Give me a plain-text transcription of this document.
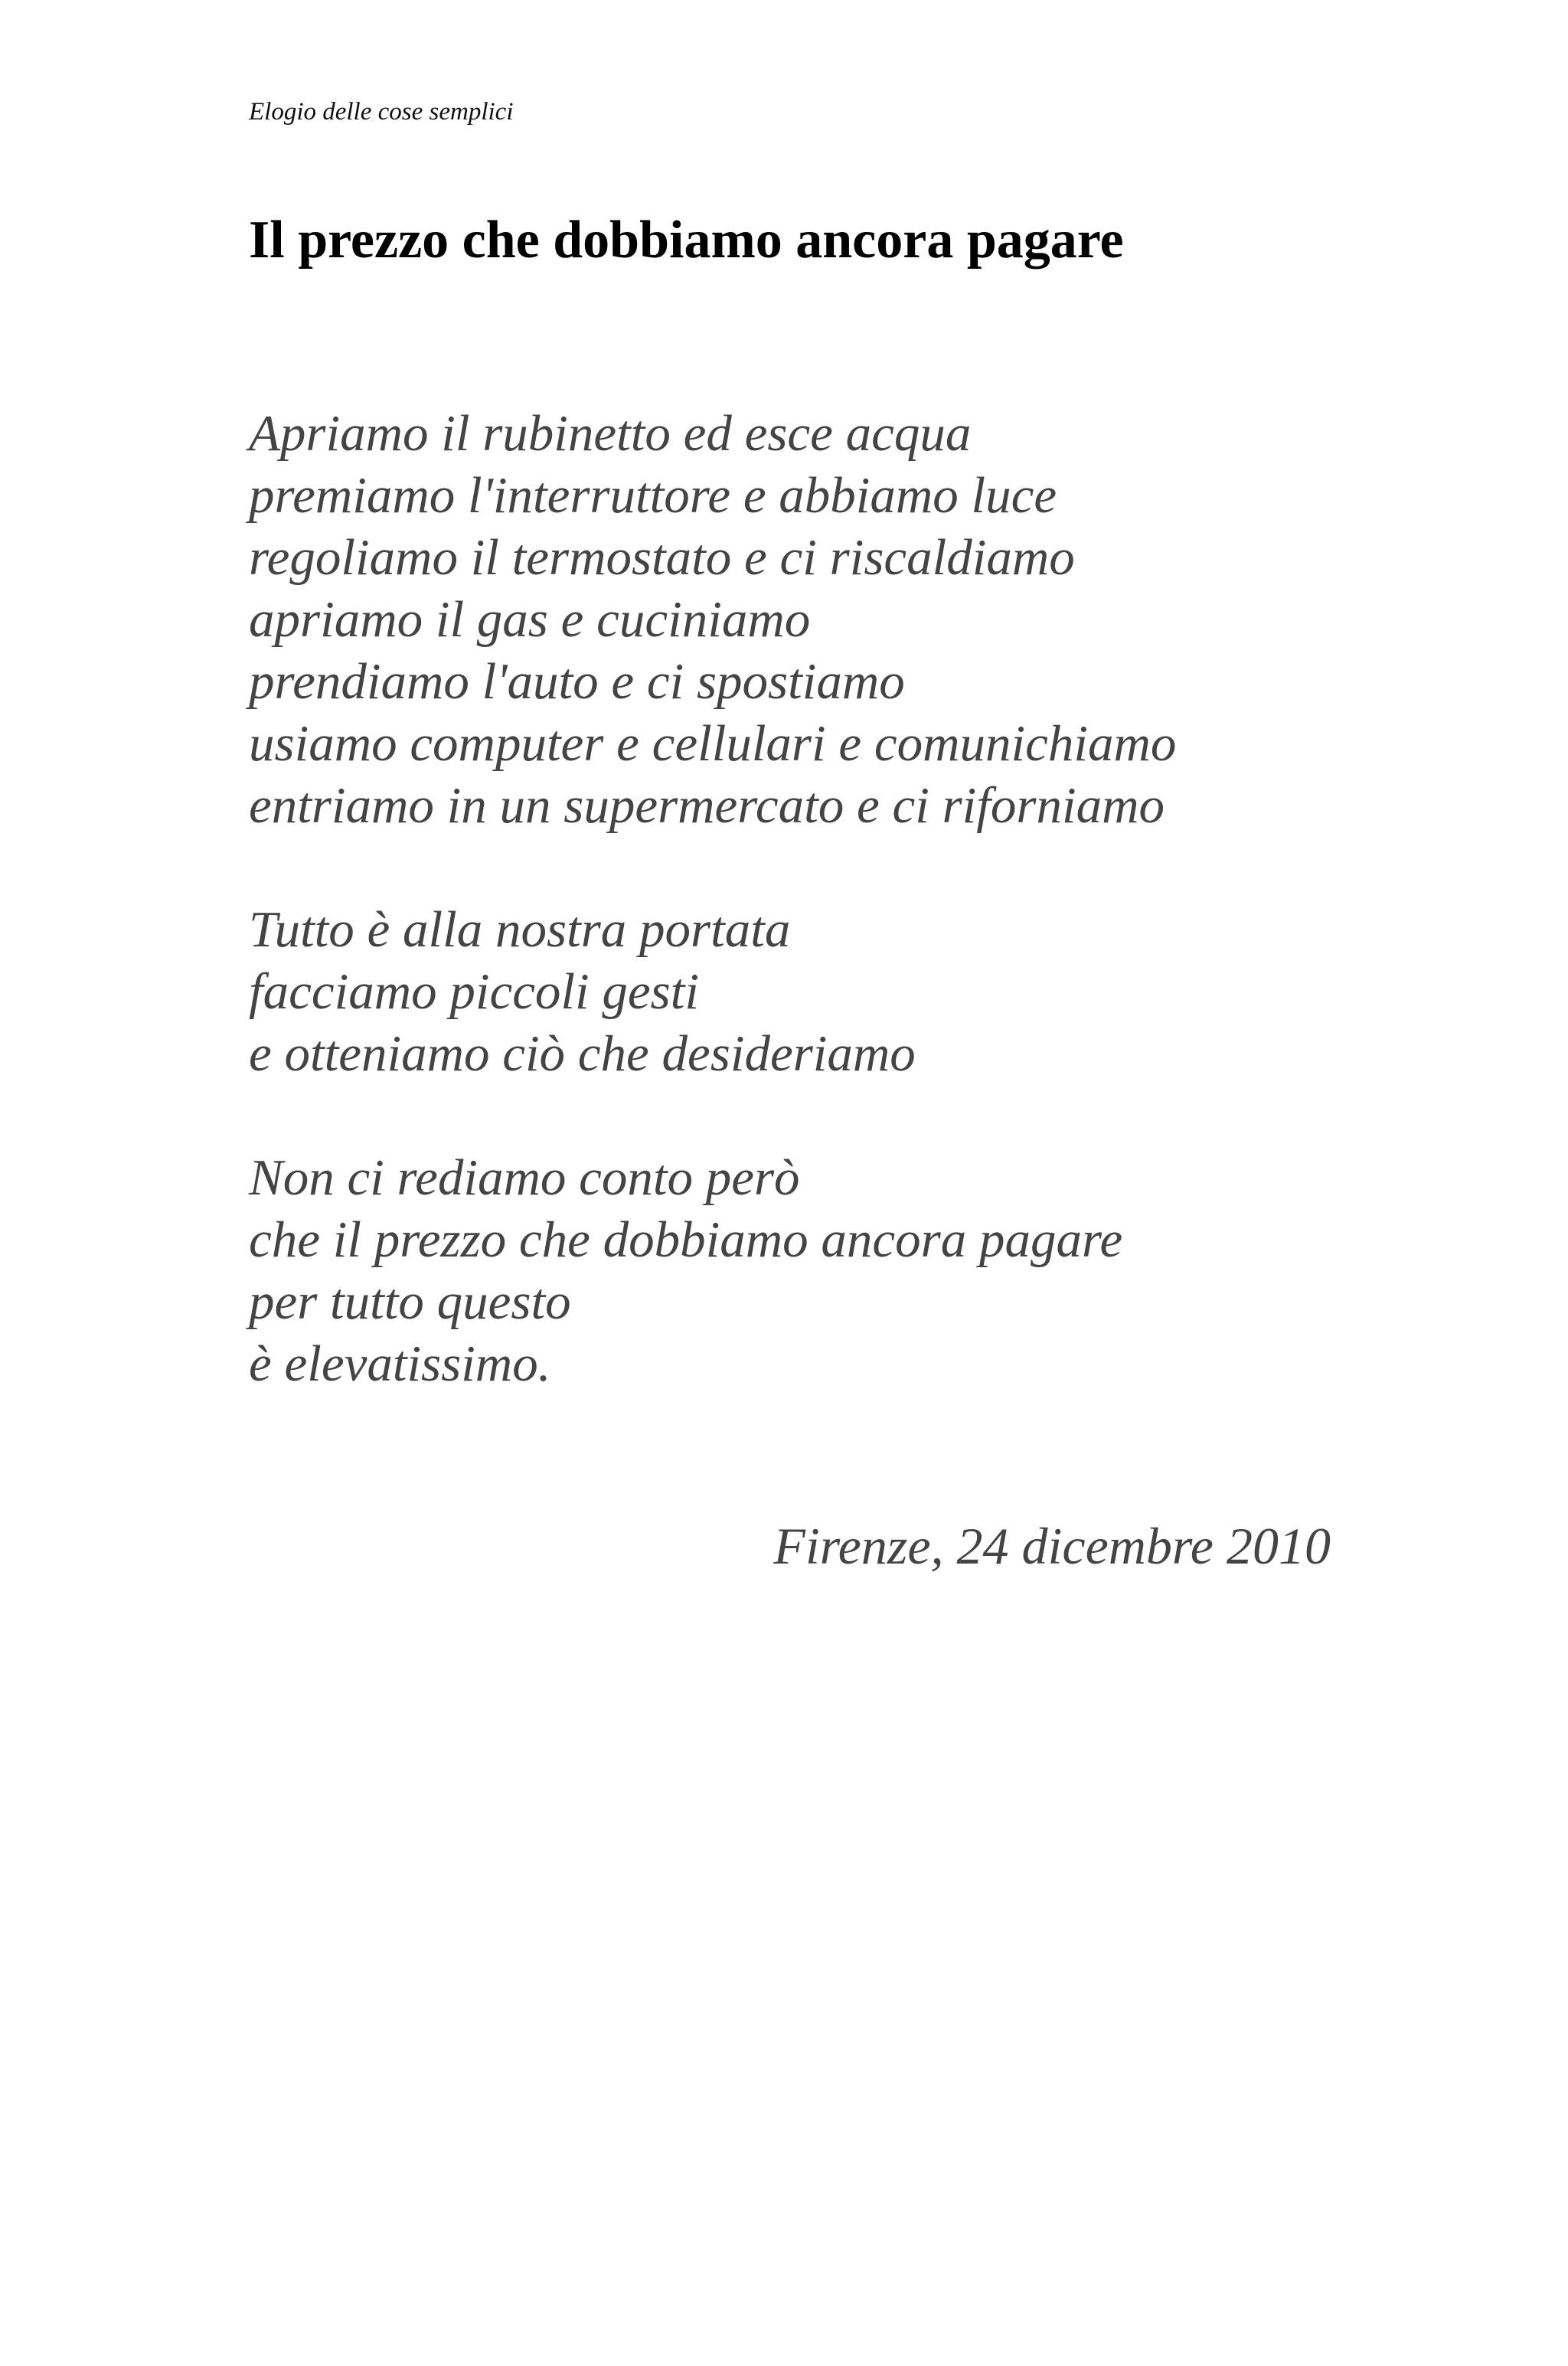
Elogio delle cose semplici
Il prezzo che dobbiamo ancora pagare

Apriamo il rubinetto ed esce acqua
premiamo l'interruttore e abbiamo luce
regoliamo il termostato e ci riscaldiamo
apriamo il gas e cuciniamo
prendiamo l'auto e ci spostiamo
usiamo computer e cellulari e comunichiamo
entriamo in un supermercato e ci riforniamo

Tutto è alla nostra portata
facciamo piccoli gesti
e otteniamo ciò che desideriamo

Non ci rediamo conto però
che il prezzo che dobbiamo ancora pagare
per tutto questo
è elevatissimo.

Firenze, 24 dicembre 2010
